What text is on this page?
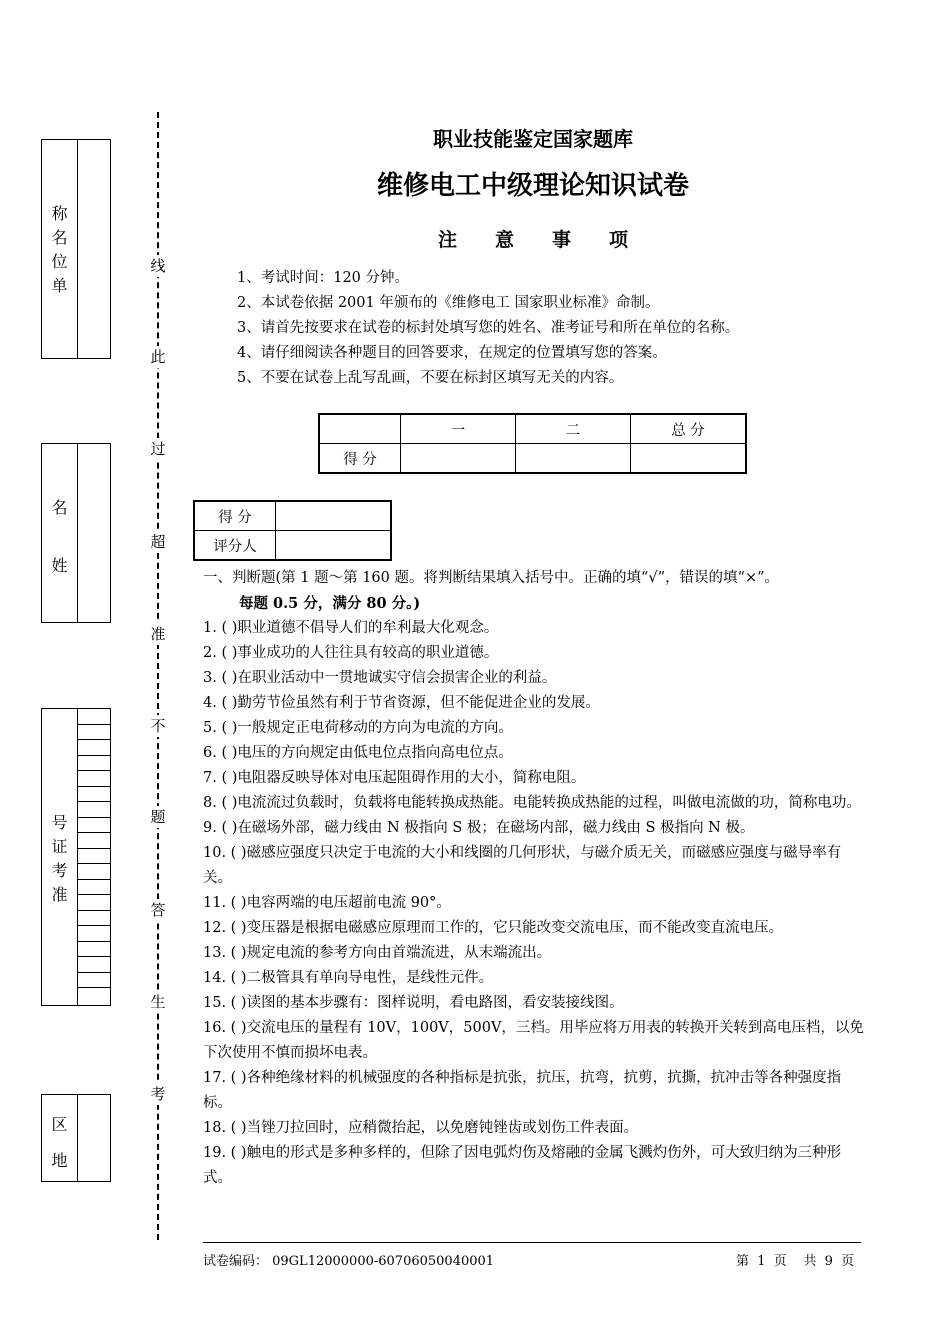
称
名
位
单
名
姓
号
证
考
准
区
地
线
此
过
超
准
不
题
答
生
考
职业技能鉴定国家题库
维修电工中级理论知识试卷
注意事项
1、考试时间：120 分钟。
2、本试卷依据 2001 年颁布的《维修电工 国家职业标准》命制。
3、请首先按要求在试卷的标封处填写您的姓名、准考证号和所在单位的名称。
4、请仔细阅读各种题目的回答要求，在规定的位置填写您的答案。
5、不要在试卷上乱写乱画，不要在标封区填写无关的内容。
	一	二	总 分
得 分			
得 分	
评分人	
一、判断题(第 1 题～第 160 题。将判断结果填入括号中。正确的填“√”，错误的填“×”。
每题 0.5 分，满分 80 分。)
1. ( )职业道德不倡导人们的牟利最大化观念。
2. ( )事业成功的人往往具有较高的职业道德。
3. ( )在职业活动中一贯地诚实守信会损害企业的利益。
4. ( )勤劳节俭虽然有利于节省资源，但不能促进企业的发展。
5. ( )一般规定正电荷移动的方向为电流的方向。
6. ( )电压的方向规定由低电位点指向高电位点。
7. ( )电阻器反映导体对电压起阻碍作用的大小，简称电阻。
8. ( )电流流过负载时，负载将电能转换成热能。电能转换成热能的过程，叫做电流做的功，简称电功。
9. ( )在磁场外部，磁力线由 N 极指向 S 极；在磁场内部，磁力线由 S 极指向 N 极。
10. ( )磁感应强度只决定于电流的大小和线圈的几何形状，与磁介质无关，而磁感应强度与磁导率有关。
11. ( )电容两端的电压超前电流 90°。
12. ( )变压器是根据电磁感应原理而工作的，它只能改变交流电压，而不能改变直流电压。
13. ( )规定电流的参考方向由首端流进，从末端流出。
14. ( )二极管具有单向导电性，是线性元件。
15. ( )读图的基本步骤有：图样说明，看电路图，看安装接线图。
16. ( )交流电压的量程有 10V，100V，500V，三档。用毕应将万用表的转换开关转到高电压档，以免下次使用不慎而损坏电表。
17. ( )各种绝缘材料的机械强度的各种指标是抗张，抗压，抗弯，抗剪，抗撕，抗冲击等各种强度指标。
18. ( )当锉刀拉回时，应稍微抬起，以免磨钝锉齿或划伤工件表面。
19. ( )触电的形式是多种多样的，但除了因电弧灼伤及熔融的金属飞溅灼伤外，可大致归纳为三种形式。
试卷编码： 09GL12000000-60706050040001	第  1  页    共  9  页
